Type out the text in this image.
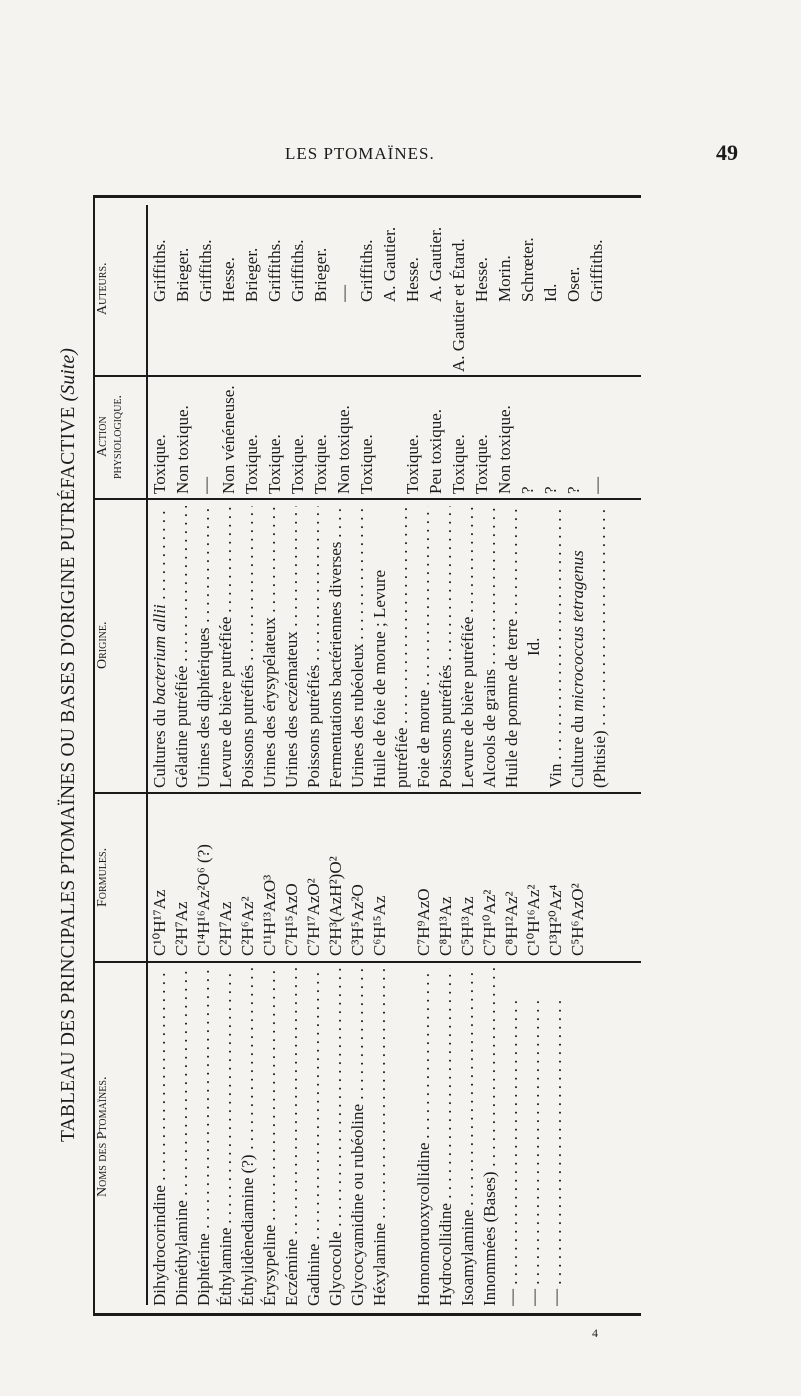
LES PTOMAÏNES.	49
TABLEAU DES PRINCIPALES PTOMAÏNES OU BASES D'ORIGINE PUTRÉFACTIVE (Suite)
Auteurs.
Action physiologique.
Origine.
Formules.
Noms des Ptomaïnes.
Griffiths. Brieger. Griffiths. Hesse. Brieger. Griffiths. Griffiths. Brieger. — Griffiths. A. Gautier. Hesse. A. Gautier. A. Gautier et Étard. Hesse. Morin. Schrœter. Id. Oser. Griffiths.
Toxique. Non toxique. — Non vénéneuse. Toxique. Toxique. Toxique. Toxique. Non toxique. Toxique. Toxique. Peu toxique. Toxique. Toxique. Non toxique. ? ? ? —
Cultures du bacterium allii . . .
Gélatine putréfiée . . . Urines des diphtériques . . . Levure de bière putréfiée . . . Poissons putréfiés . . . Urines des érysypélateux . . . Urines des eczémateux . . . Poissons putréfiés . . . Fermentations bactériennes diverses . . . Urines des rubéoleux . . . Huile de foie de morue ; Levure putréfiée . . . Foie de morue . . . Poissons putréfiés . . . Levure de bière putréfiée . . . Alcools de grains . . . Huile de pomme de terre . . . Id.
Vin . . . Culture du micrococcus tetragenus
(Phtisie) . . .
C¹⁰H¹⁷Az C²H⁷Az C¹⁴H¹⁶Az²O⁶ (?) C²H⁷Az C²H⁶Az² C¹¹H¹³AzO³ C⁷H¹⁵AzO C⁷H¹⁷AzO² C²H³(AzH²)O² C³H⁵Az²O C⁶H¹⁵Az C⁷H⁹AzO C⁸H¹³Az C⁵H¹³Az C⁷H¹⁰Az² C⁸H¹²Az² C¹⁰H¹⁶Az² C¹³H²⁰Az⁴ C⁵H⁶AzO²
Dihydrocorindine . . . Diméthylamine . . . Diphtérine . . . Éthylamine . . . Éthylidènediamine (?) . . . Érysypeline . . . Eczémine . . . Gadinine . . . Glycocolle . . . Glycocyamidine ou rubéoline . . . Héxylamine . . . Homomoruoxycollidine . . . Hydrocollidine . . . Isoamylamine . . . Innommées (Bases) . . . — . . . — . . . — . . .
4
